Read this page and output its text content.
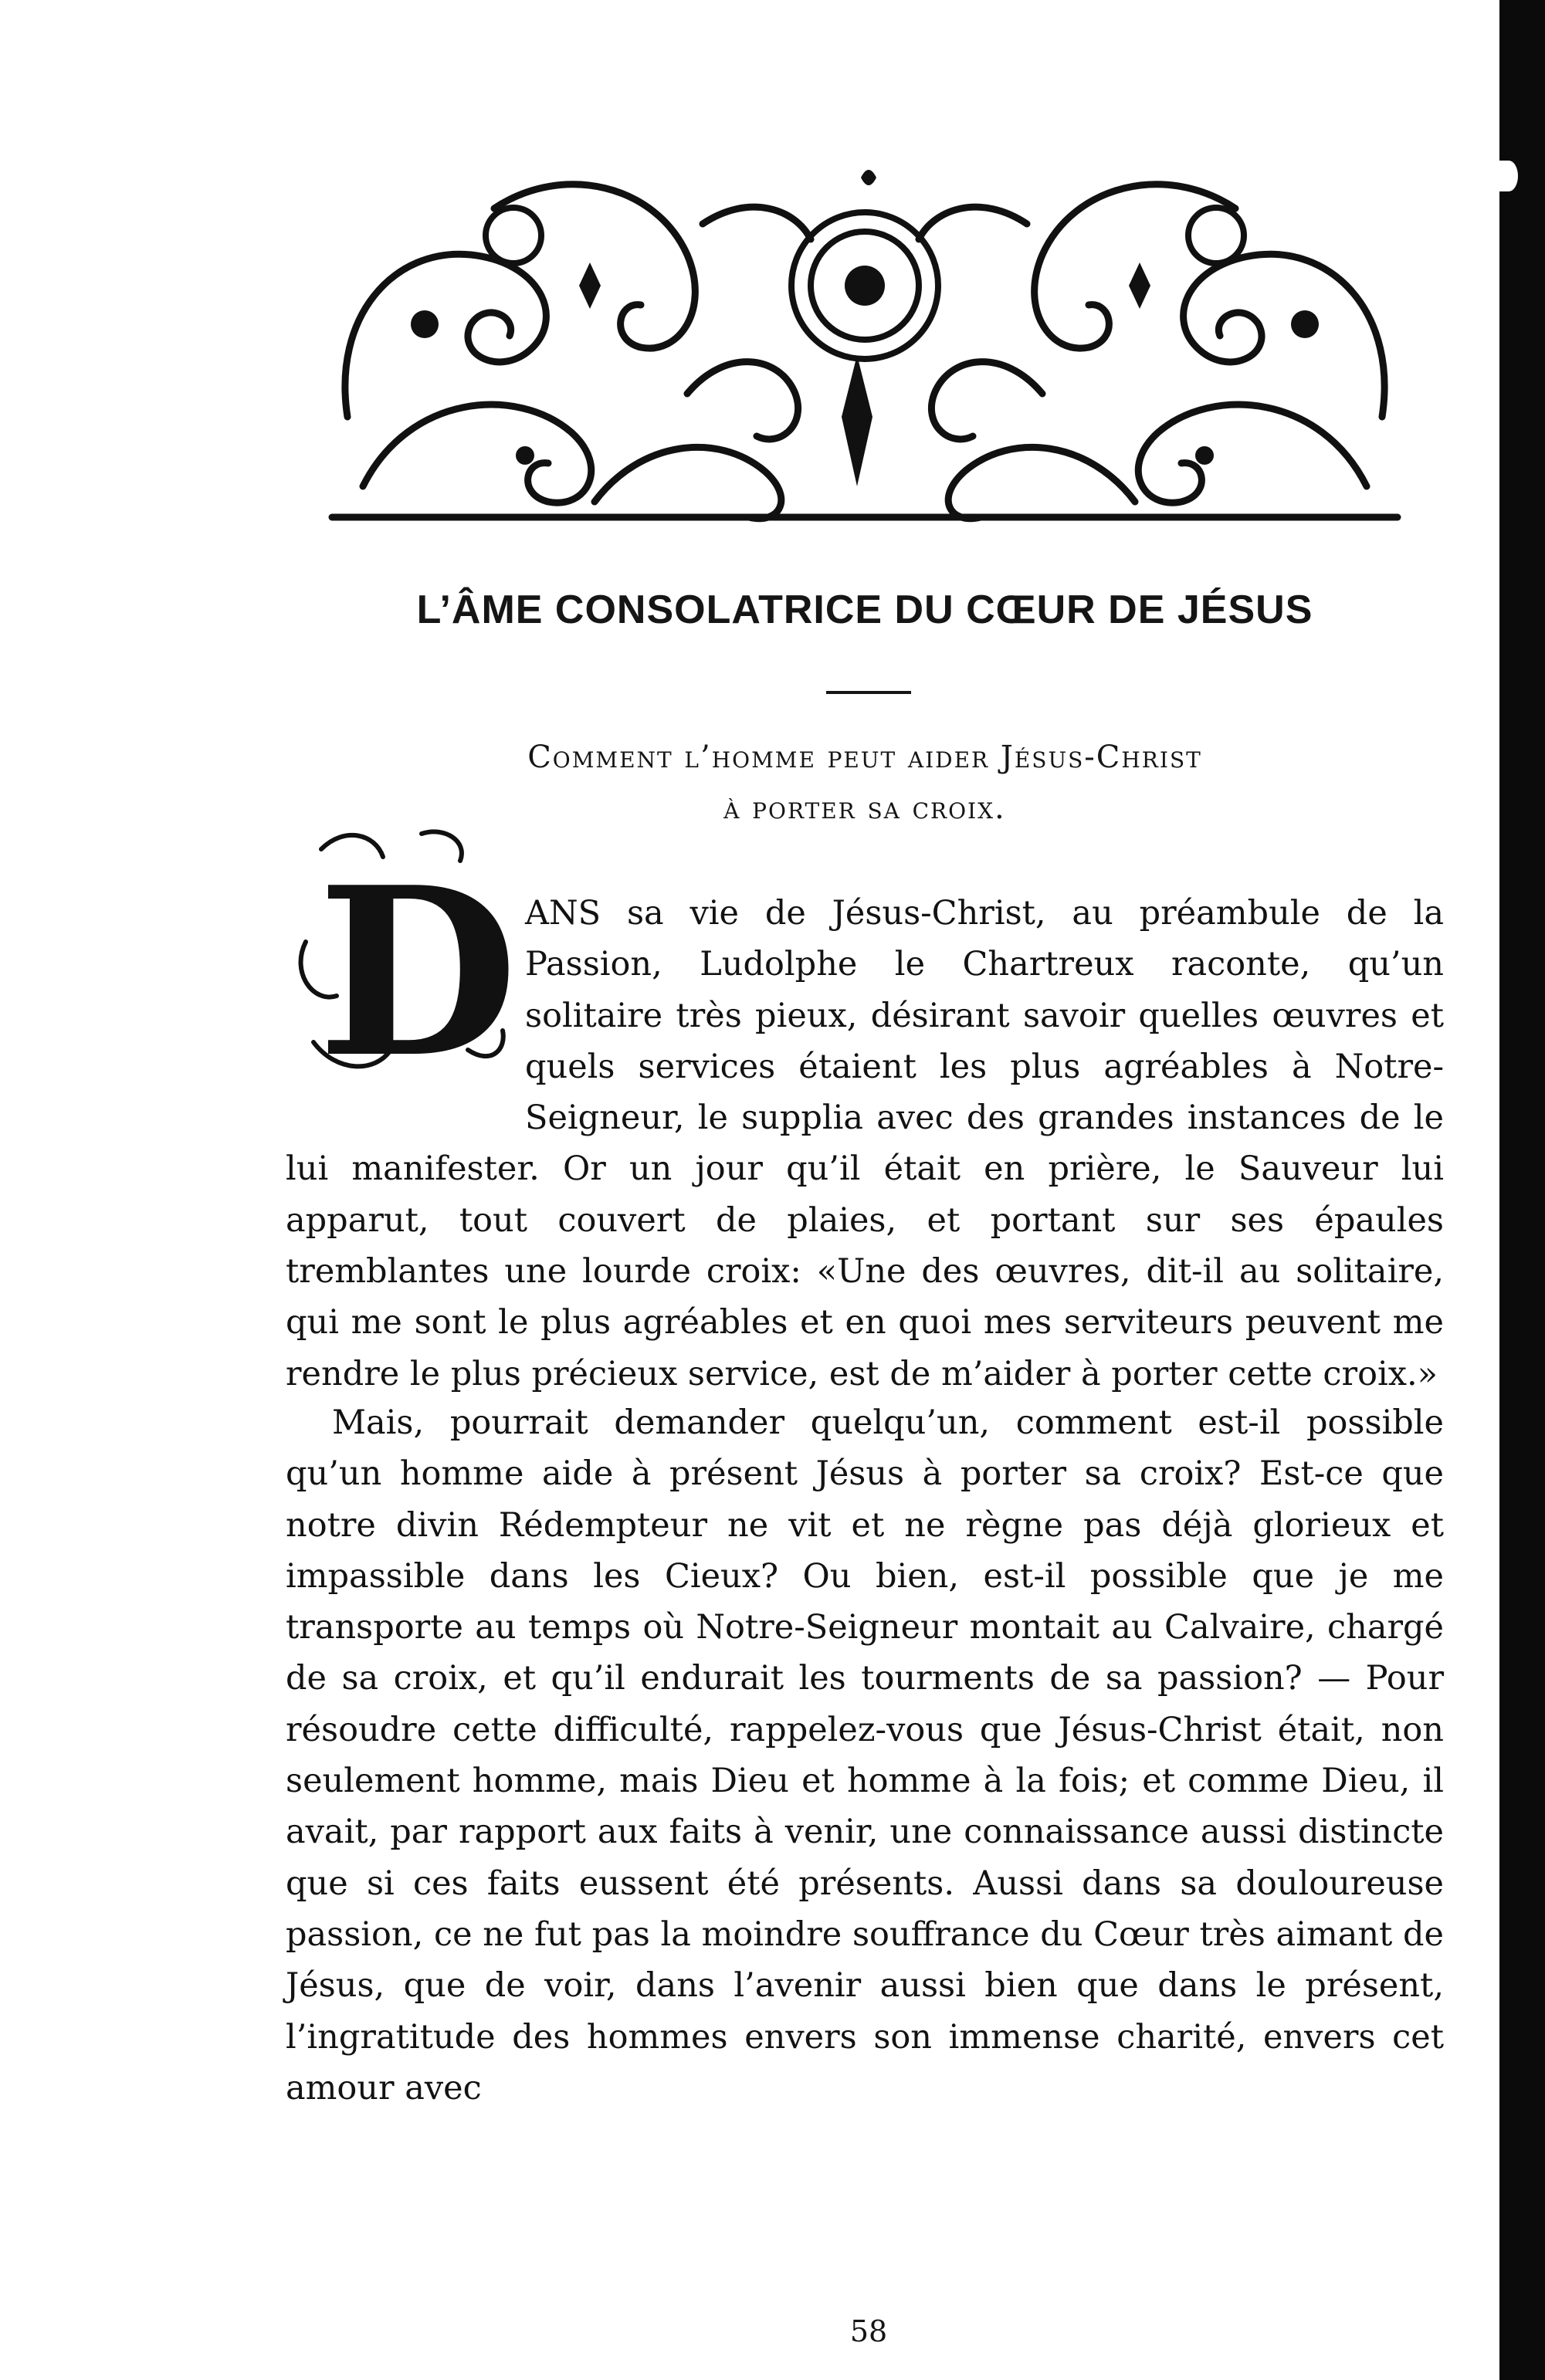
L’ÂME CONSOLATRICE DU CŒUR DE JÉSUS
Comment l’homme peut aider Jésus-Christ
à porter sa croix.
D ANS sa vie de Jésus-Christ, au préambule de la Passion, Ludolphe le Chartreux raconte, qu’un solitaire très pieux, désirant savoir quelles œuvres et quels services étaient les plus agréables à Notre-Seigneur, le supplia avec des grandes instances de le lui manifester. Or un jour qu’il était en prière, le Sauveur lui apparut, tout couvert de plaies, et portant sur ses épaules tremblantes une lourde croix: «Une des œuvres, dit-il au solitaire, qui me sont le plus agréables et en quoi mes serviteurs peuvent me rendre le plus précieux service, est de m’aider à porter cette croix.»
Mais, pourrait demander quelqu’un, comment est-il possible qu’un homme aide à présent Jésus à porter sa croix? Est-ce que notre divin Rédempteur ne vit et ne règne pas déjà glorieux et impassible dans les Cieux? Ou bien, est-il possible que je me transporte au temps où Notre-Seigneur montait au Calvaire, chargé de sa croix, et qu’il endurait les tourments de sa passion? — Pour résoudre cette difficulté, rappelez-vous que Jésus-Christ était, non seulement homme, mais Dieu et homme à la fois; et comme Dieu, il avait, par rapport aux faits à venir, une connaissance aussi distincte que si ces faits eussent été présents. Aussi dans sa douloureuse passion, ce ne fut pas la moindre souffrance du Cœur très aimant de Jésus, que de voir, dans l’avenir aussi bien que dans le présent, l’ingratitude des hommes envers son immense charité, envers cet amour avec
58
